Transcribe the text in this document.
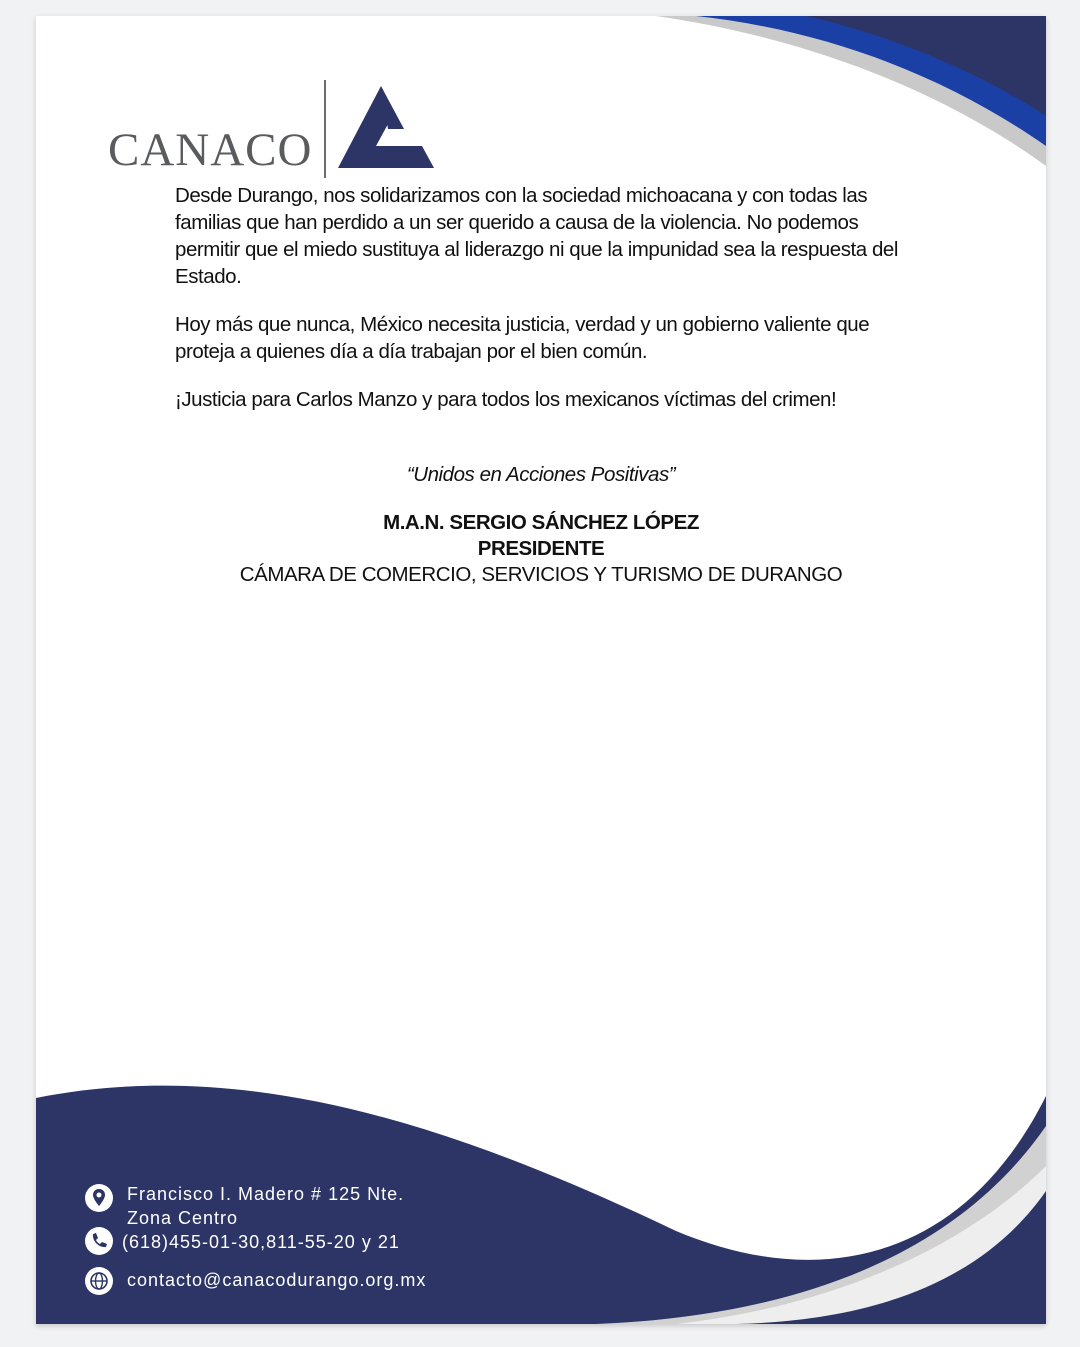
CANACO

Desde Durango, nos solidarizamos con la sociedad michoacana y con todas las familias que han perdido a un ser querido a causa de la violencia. No podemos permitir que el miedo sustituya al liderazgo ni que la impunidad sea la respuesta del Estado.

Hoy más que nunca, México necesita justicia, verdad y un gobierno valiente que proteja a quienes día a día trabajan por el bien común.

¡Justicia para Carlos Manzo y para todos los mexicanos víctimas del crimen!

“Unidos en Acciones Positivas”
M.A.N. SERGIO SÁNCHEZ LÓPEZ
PRESIDENTE
CÁMARA DE COMERCIO, SERVICIOS Y TURISMO DE DURANGO
Francisco I. Madero # 125 Nte.
Zona Centro
(618)455-01-30,811-55-20 y 21
contacto@canacodurango.org.mx
